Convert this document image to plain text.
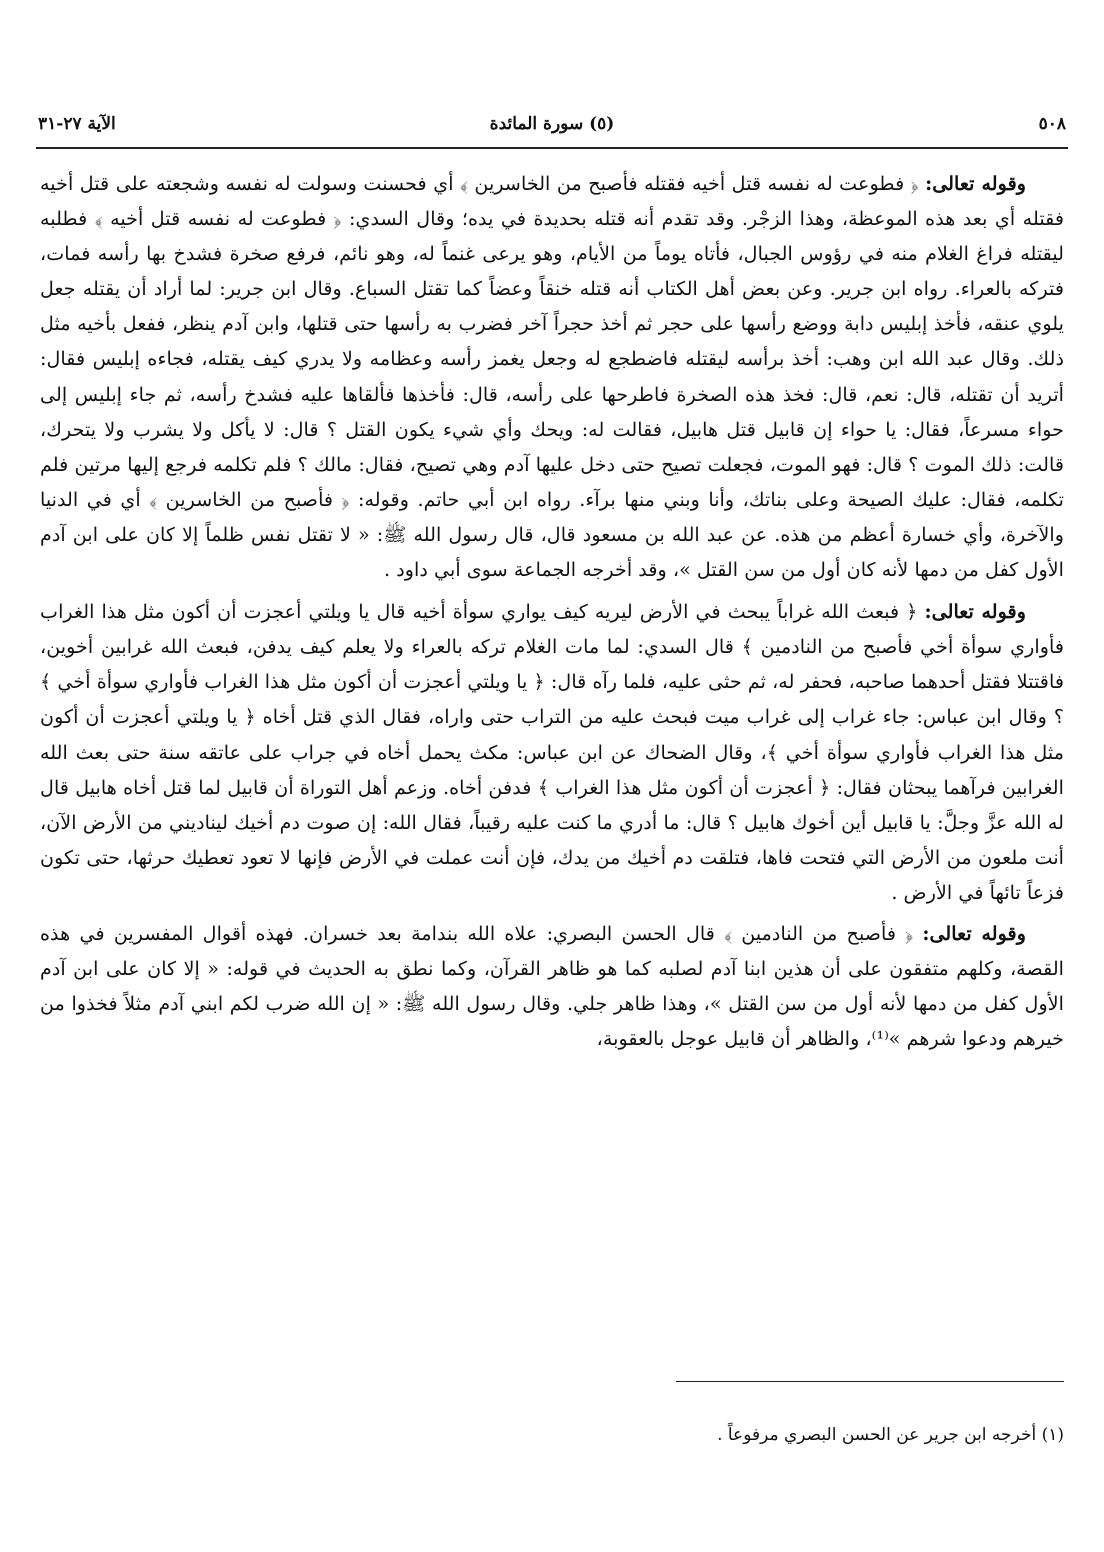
٥٠٨
(٥) سورة المائدة
الآية ٢٧-٣١

وقوله تعالى: ﴿ فطوعت له نفسه قتل أخيه فقتله فأصبح من الخاسرين ﴾ أي فحسنت وسولت له نفسه وشجعته على قتل أخيه فقتله أي بعد هذه الموعظة، وهذا الزجْر. وقد تقدم أنه قتله بحديدة في يده؛ وقال السدي: ﴿ فطوعت له نفسه قتل أخيه ﴾ فطلبه ليقتله فراغ الغلام منه في رؤوس الجبال، فأتاه يوماً من الأيام، وهو يرعى غنماً له، وهو نائم، فرفع صخرة فشدخ بها رأسه فمات، فتركه بالعراء. رواه ابن جرير. وعن بعض أهل الكتاب أنه قتله خنقاً وعضاً كما تقتل السباع. وقال ابن جرير: لما أراد أن يقتله جعل يلوي عنقه، فأخذ إبليس دابة ووضع رأسها على حجر ثم أخذ حجراً آخر فضرب به رأسها حتى قتلها، وابن آدم ينظر، ففعل بأخيه مثل ذلك. وقال عبد الله ابن وهب: أخذ برأسه ليقتله فاضطجع له وجعل يغمز رأسه وعظامه ولا يدري كيف يقتله، فجاءه إبليس فقال: أتريد أن تقتله، قال: نعم، قال: فخذ هذه الصخرة فاطرحها على رأسه، قال: فأخذها فألقاها عليه فشدخ رأسه، ثم جاء إبليس إلى حواء مسرعاً، فقال: يا حواء إن قابيل قتل هابيل، فقالت له: ويحك وأي شيء يكون القتل ؟ قال: لا يأكل ولا يشرب ولا يتحرك، قالت: ذلك الموت ؟ قال: فهو الموت، فجعلت تصيح حتى دخل عليها آدم وهي تصيح، فقال: مالك ؟ فلم تكلمه فرجع إليها مرتين فلم تكلمه، فقال: عليك الصيحة وعلى بناتك، وأنا وبني منها برآء. رواه ابن أبي حاتم. وقوله: ﴿ فأصبح من الخاسرين ﴾ أي في الدنيا والآخرة، وأي خسارة أعظم من هذه. عن عبد الله بن مسعود قال، قال رسول الله ﷺ: « لا تقتل نفس ظلماً إلا كان على ابن آدم الأول كفل من دمها لأنه كان أول من سن القتل »، وقد أخرجه الجماعة سوى أبي داود .

وقوله تعالى: ﴿ فبعث الله غراباً يبحث في الأرض ليريه كيف يواري سوأة أخيه قال يا ويلتي أعجزت أن أكون مثل هذا الغراب فأواري سوأة أخي فأصبح من النادمين ﴾ قال السدي: لما مات الغلام تركه بالعراء ولا يعلم كيف يدفن، فبعث الله غرابين أخوين، فاقتتلا فقتل أحدهما صاحبه، فحفر له، ثم حثى عليه، فلما رآه قال: ﴿ يا ويلتي أعجزت أن أكون مثل هذا الغراب فأواري سوأة أخي ﴾ ؟ وقال ابن عباس: جاء غراب إلى غراب ميت فبحث عليه من التراب حتى واراه، فقال الذي قتل أخاه ﴿ يا ويلتي أعجزت أن أكون مثل هذا الغراب فأواري سوأة أخي ﴾، وقال الضحاك عن ابن عباس: مكث يحمل أخاه في جراب على عاتقه سنة حتى بعث الله الغرابين فرآهما يبحثان فقال: ﴿ أعجزت أن أكون مثل هذا الغراب ﴾ فدفن أخاه. وزعم أهل التوراة أن قابيل لما قتل أخاه هابيل قال له الله عزَّ وجلَّ: يا قابيل أين أخوك هابيل ؟ قال: ما أدري ما كنت عليه رقيباً، فقال الله: إن صوت دم أخيك ليناديني من الأرض الآن، أنت ملعون من الأرض التي فتحت فاها، فتلقت دم أخيك من يدك، فإن أنت عملت في الأرض فإنها لا تعود تعطيك حرثها، حتى تكون فزعاً تائهاً في الأرض .

وقوله تعالى: ﴿ فأصبح من النادمين ﴾ قال الحسن البصري: علاه الله بندامة بعد خسران. فهذه أقوال المفسرين في هذه القصة، وكلهم متفقون على أن هذين ابنا آدم لصلبه كما هو ظاهر القرآن، وكما نطق به الحديث في قوله: « إلا كان على ابن آدم الأول كفل من دمها لأنه أول من سن القتل »، وهذا ظاهر جلي. وقال رسول الله ﷺ: « إن الله ضرب لكم ابني آدم مثلاً فخذوا من خيرهم ودعوا شرهم »⁽¹⁾، والظاهر أن قابيل عوجل بالعقوبة،

(١) أخرجه ابن جرير عن الحسن البصري مرفوعاً .
